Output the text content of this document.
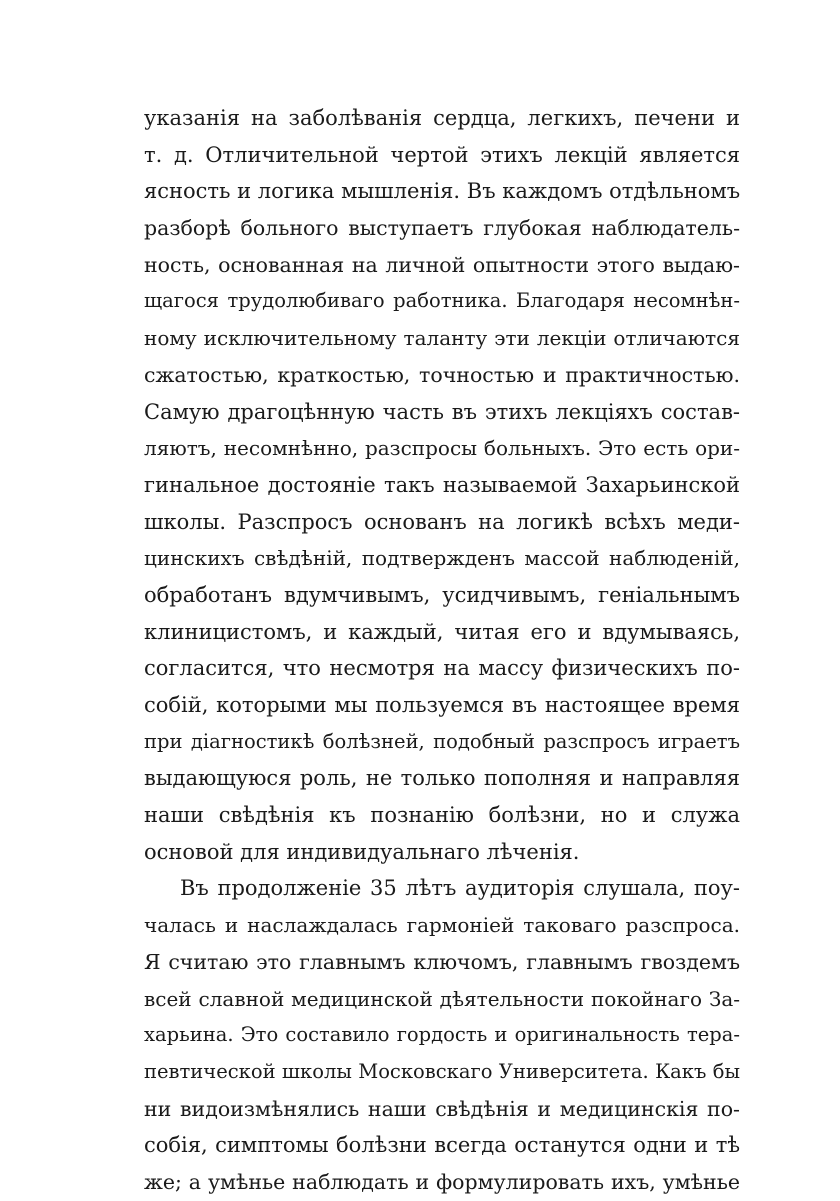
указанія на заболѣванія сердца, легкихъ, печени и
т. д. Отличительной чертой этихъ лекцій является
ясность и логика мышленія. Въ каждомъ отдѣльномъ
разборѣ больного выступаетъ глубокая наблюдатель-
ность, основанная на личной опытности этого выдаю-
щагося трудолюбиваго работника. Благодаря несомнѣн-
ному исключительному таланту эти лекціи отличаются
сжатостью, краткостью, точностью и практичностью.
Самую драгоцѣнную часть въ этихъ лекціяхъ состав-
ляютъ, несомнѣнно, разспросы больныхъ. Это есть ори-
гинальное достояніе такъ называемой Захарьинской
школы. Разспросъ основанъ на логикѣ всѣхъ меди-
цинскихъ свѣдѣній, подтвержденъ массой наблюденій,
обработанъ вдумчивымъ, усидчивымъ, геніальнымъ
клиницистомъ, и каждый, читая его и вдумываясь,
согласится, что несмотря на массу физическихъ по-
собій, которыми мы пользуемся въ настоящее время
при діагностикѣ болѣзней, подобный разспросъ играетъ
выдающуюся роль, не только пополняя и направляя
наши свѣдѣнія къ познанію болѣзни, но и служа
основой для индивидуальнаго лѣченія.
Въ продолженіе 35 лѣтъ аудиторія слушала, поу-
чалась и наслаждалась гармоніей таковаго разспроса.
Я считаю это главнымъ ключомъ, главнымъ гвоздемъ
всей славной медицинской дѣятельности покойнаго За-
харьина. Это составило гордость и оригинальность тера-
певтической школы Московскаго Университета. Какъ бы
ни видоизмѣнялись наши свѣдѣнія и медицинскія по-
собія, симптомы болѣзни всегда останутся одни и тѣ
же; а умѣнье наблюдать и формулировать ихъ, умѣнье
